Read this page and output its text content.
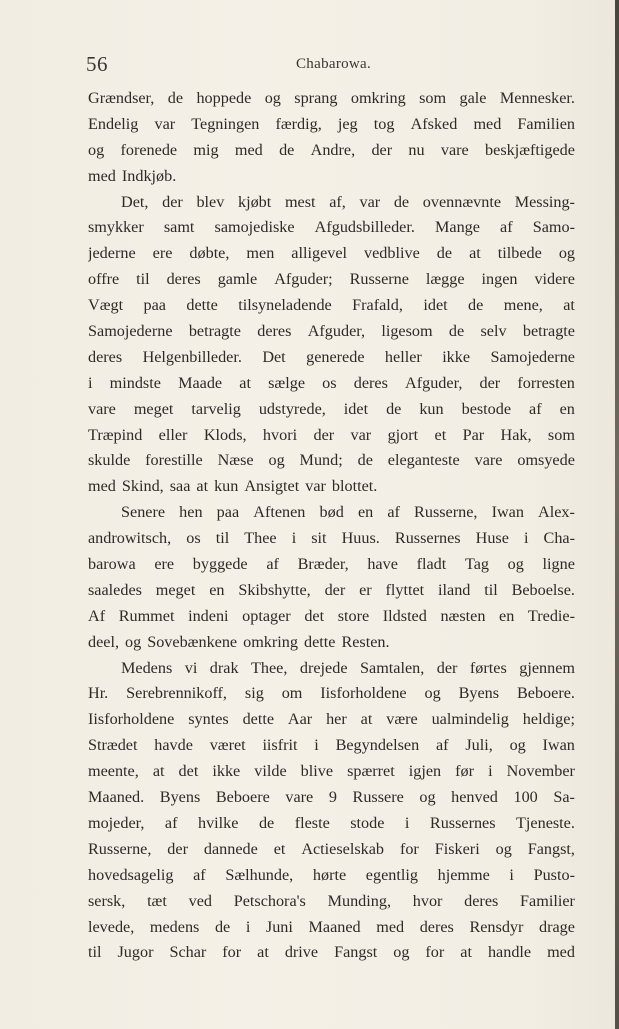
56	Chabarowa.
Grændser, de hoppede og sprang omkring som gale Mennesker.
Endelig var Tegningen færdig, jeg tog Afsked med Familien
og forenede mig med de Andre, der nu vare beskjæftigede
med Indkjøb.
Det, der blev kjøbt mest af, var de ovennævnte Messing-
smykker samt samojediske Afgudsbilleder. Mange af Samo-
jederne ere døbte, men alligevel vedblive de at tilbede og
offre til deres gamle Afguder; Russerne lægge ingen videre
Vægt paa dette tilsyneladende Frafald, idet de mene, at
Samojederne betragte deres Afguder, ligesom de selv betragte
deres Helgenbilleder. Det generede heller ikke Samojederne
i mindste Maade at sælge os deres Afguder, der forresten
vare meget tarvelig udstyrede, idet de kun bestode af en
Træpind eller Klods, hvori der var gjort et Par Hak, som
skulde forestille Næse og Mund; de eleganteste vare omsyede
med Skind, saa at kun Ansigtet var blottet.
Senere hen paa Aftenen bød en af Russerne, Iwan Alex-
androwitsch, os til Thee i sit Huus. Russernes Huse i Cha-
barowa ere byggede af Bræder, have fladt Tag og ligne
saaledes meget en Skibshytte, der er flyttet iland til Beboelse.
Af Rummet indeni optager det store Ildsted næsten en Tredie-
deel, og Sovebænkene omkring dette Resten.
Medens vi drak Thee, drejede Samtalen, der førtes gjennem
Hr. Serebrennikoff, sig om Iisforholdene og Byens Beboere.
Iisforholdene syntes dette Aar her at være ualmindelig heldige;
Strædet havde været iisfrit i Begyndelsen af Juli, og Iwan
meente, at det ikke vilde blive spærret igjen før i November
Maaned. Byens Beboere vare 9 Russere og henved 100 Sa-
mojeder, af hvilke de fleste stode i Russernes Tjeneste.
Russerne, der dannede et Actieselskab for Fiskeri og Fangst,
hovedsagelig af Sælhunde, hørte egentlig hjemme i Pusto-
sersk, tæt ved Petschora's Munding, hvor deres Familier
levede, medens de i Juni Maaned med deres Rensdyr drage
til Jugor Schar for at drive Fangst og for at handle med
